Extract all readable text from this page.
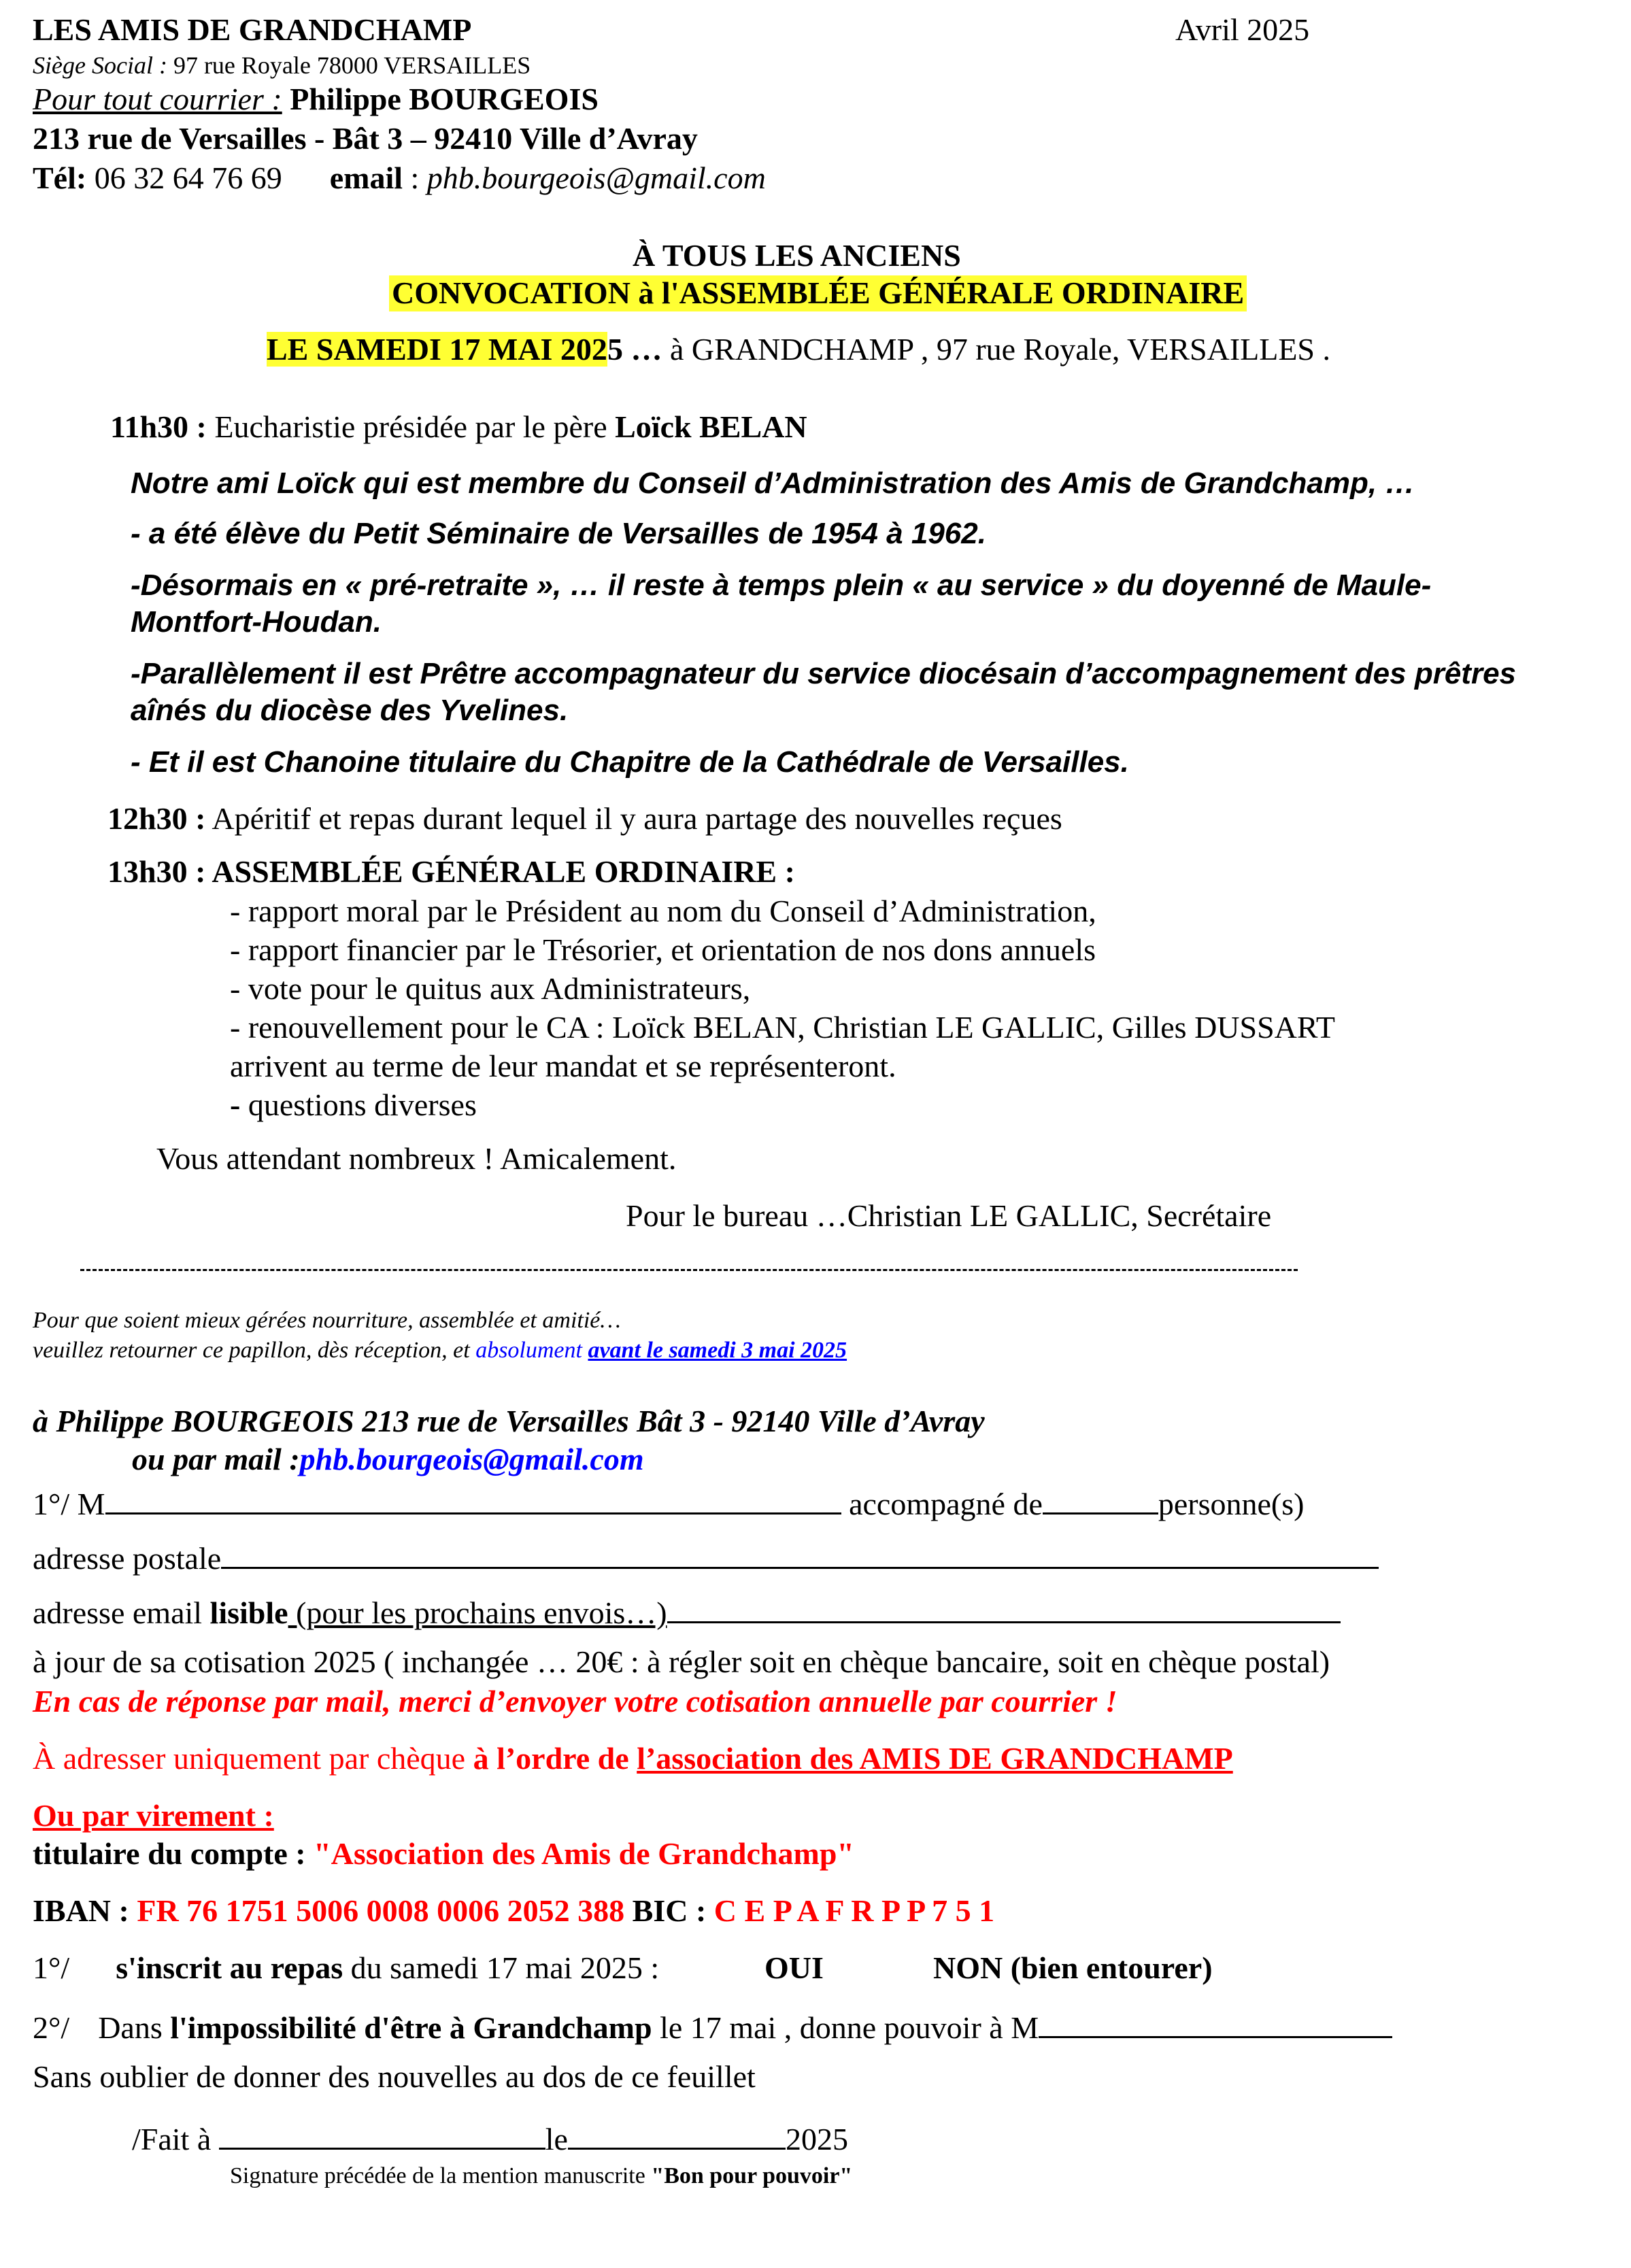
LES AMIS DE GRANDCHAMP	Avril 2025
Siège Social : 97 rue Royale 78000 VERSAILLES
Pour tout courrier : Philippe BOURGEOIS
213 rue de Versailles - Bât 3 – 92410 Ville d’Avray
Tél: 06 32 64 76 69 email : phb.bourgeois@gmail.com
À TOUS LES ANCIENS
CONVOCATION à l'ASSEMBLÉE GÉNÉRALE ORDINAIRE
LE SAMEDI 17 MAI 2025 … à GRANDCHAMP , 97 rue Royale, VERSAILLES .
11h30 : Eucharistie présidée par le père Loïck BELAN
Notre ami Loïck qui est membre du Conseil d’Administration des Amis de Grandchamp, …
- a été élève du Petit Séminaire de Versailles de 1954 à 1962.
-Désormais en « pré-retraite », … il reste à temps plein « au service » du doyenné de Maule-
Montfort-Houdan.
-Parallèlement il est Prêtre accompagnateur du service diocésain d’accompagnement des prêtres
aînés du diocèse des Yvelines.
- Et il est Chanoine titulaire du Chapitre de la Cathédrale de Versailles.
12h30 : Apéritif et repas durant lequel il y aura partage des nouvelles reçues
13h30 : ASSEMBLÉE GÉNÉRALE ORDINAIRE :
- rapport moral par le Président au nom du Conseil d’Administration,
- rapport financier par le Trésorier, et orientation de nos dons annuels
- vote pour le quitus aux Administrateurs,
- renouvellement pour le CA : Loïck BELAN, Christian LE GALLIC, Gilles DUSSART
arrivent au terme de leur mandat et se représenteront.
- questions diverses
Vous attendant nombreux ! Amicalement.
Pour le bureau …Christian LE GALLIC, Secrétaire
Pour que soient mieux gérées nourriture, assemblée et amitié…
veuillez retourner ce papillon, dès réception, et absolument avant le samedi 3 mai 2025
à Philippe BOURGEOIS 213 rue de Versailles Bât 3 - 92140 Ville d’Avray
ou par mail :phb.bourgeois@gmail.com
1°/ M	accompagné de	personne(s)
adresse postale
adresse email lisible (pour les prochains envois…)
à jour de sa cotisation 2025 ( inchangée … 20€ : à régler soit en chèque bancaire, soit en chèque postal)
En cas de réponse par mail, merci d’envoyer votre cotisation annuelle par courrier !
À adresser uniquement par chèque à l’ordre de l’association des AMIS DE GRANDCHAMP
Ou par virement :
titulaire du compte : "Association des Amis de Grandchamp"
IBAN : FR 76 1751 5006 0008 0006 2052 388 BIC : C E P A F R P P 7 5 1
1°/ s'inscrit au repas du samedi 17 mai 2025 :	OUI	NON (bien entourer)
2°/ Dans l'impossibilité d'être à Grandchamp le 17 mai , donne pouvoir à M
Sans oublier de donner des nouvelles au dos de ce feuillet
/Fait à	le	2025
Signature précédée de la mention manuscrite "Bon pour pouvoir"
